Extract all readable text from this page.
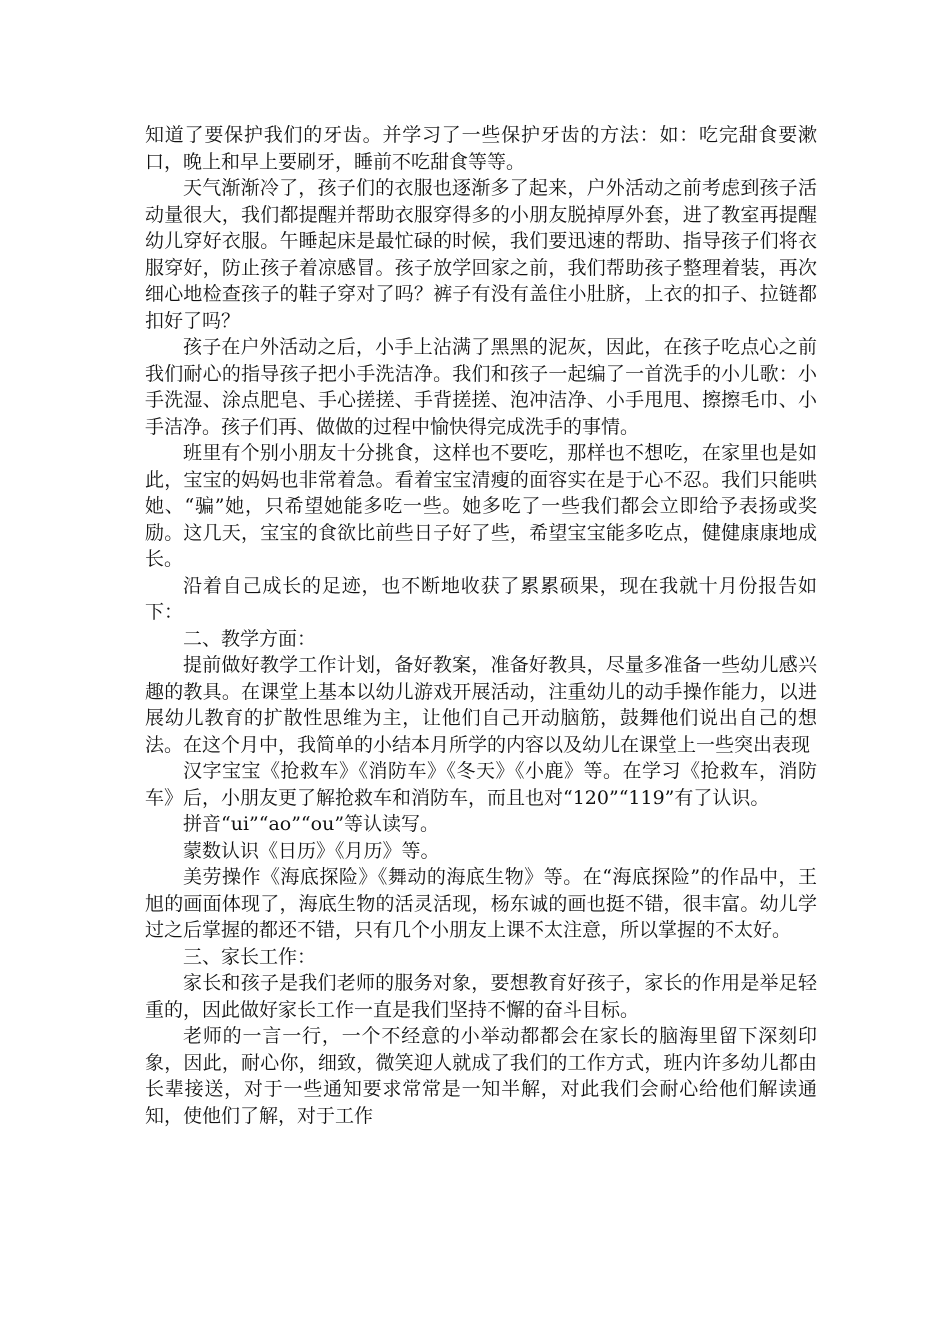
知道了要保护我们的牙齿。并学习了一些保护牙齿的方法：如：吃完甜食要漱口，晚上和早上要刷牙，睡前不吃甜食等等。

天气渐渐冷了，孩子们的衣服也逐渐多了起来，户外活动之前考虑到孩子活动量很大，我们都提醒并帮助衣服穿得多的小朋友脱掉厚外套，进了教室再提醒幼儿穿好衣服。午睡起床是最忙碌的时候，我们要迅速的帮助、指导孩子们将衣服穿好，防止孩子着凉感冒。孩子放学回家之前，我们帮助孩子整理着装，再次细心地检查孩子的鞋子穿对了吗？裤子有没有盖住小肚脐，上衣的扣子、拉链都扣好了吗？

孩子在户外活动之后，小手上沾满了黑黑的泥灰，因此，在孩子吃点心之前我们耐心的指导孩子把小手洗洁净。我们和孩子一起编了一首洗手的小儿歌：小手洗湿、涂点肥皂、手心搓搓、手背搓搓、泡冲洁净、小手甩甩、擦擦毛巾、小手洁净。孩子们再、做做的过程中愉快得完成洗手的事情。

班里有个别小朋友十分挑食，这样也不要吃，那样也不想吃，在家里也是如此，宝宝的妈妈也非常着急。看着宝宝清瘦的面容实在是于心不忍。我们只能哄她、“骗”她，只希望她能多吃一些。她多吃了一些我们都会立即给予表扬或奖励。这几天，宝宝的食欲比前些日子好了些，希望宝宝能多吃点，健健康康地成长。

沿着自己成长的足迹，也不断地收获了累累硕果，现在我就十月份报告如下：

二、教学方面：

提前做好教学工作计划，备好教案，准备好教具，尽量多准备一些幼儿感兴趣的教具。在课堂上基本以幼儿游戏开展活动，注重幼儿的动手操作能力，以进展幼儿教育的扩散性思维为主，让他们自己开动脑筋，鼓舞他们说出自己的想法。在这个月中，我简单的小结本月所学的内容以及幼儿在课堂上一些突出表现

汉字宝宝《抢救车》《消防车》《冬天》《小鹿》等。在学习《抢救车，消防车》后，小朋友更了解抢救车和消防车，而且也对“120”“119”有了认识。

拼音“ui”“ao”“ou”等认读写。

蒙数认识《日历》《月历》等。

美劳操作《海底探险》《舞动的海底生物》等。在“海底探险”的作品中，王旭的画面体现了，海底生物的活灵活现，杨东诚的画也挺不错，很丰富。幼儿学过之后掌握的都还不错，只有几个小朋友上课不太注意，所以掌握的不太好。

三、家长工作：

家长和孩子是我们老师的服务对象，要想教育好孩子，家长的作用是举足轻重的，因此做好家长工作一直是我们坚持不懈的奋斗目标。

老师的一言一行，一个不经意的小举动都都会在家长的脑海里留下深刻印象，因此，耐心你，细致，微笑迎人就成了我们的工作方式，班内许多幼儿都由长辈接送，对于一些通知要求常常是一知半解，对此我们会耐心给他们解读通知，使他们了解，对于工作
